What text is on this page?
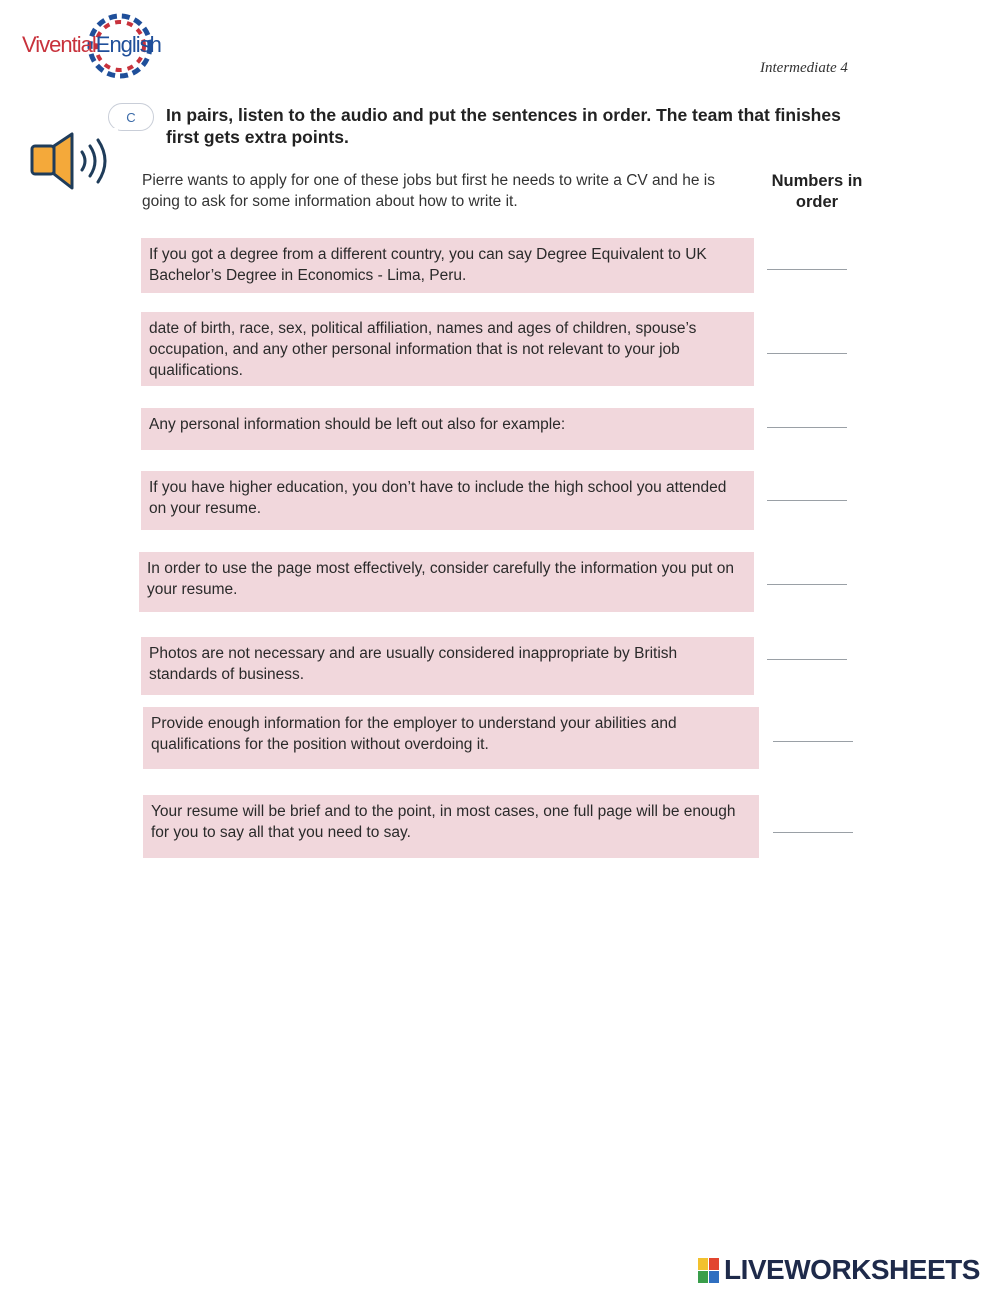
ViventialEnglish
Intermediate 4
C	In pairs, listen to the audio and put the sentences in order. The team that finishes first gets extra points.
Pierre wants to apply for one of these jobs but first he needs to write a CV and he is going to ask for some information about how to write it.
Numbers in order
If you got a degree from a different country, you can say Degree Equivalent to UK Bachelor’s Degree in Economics - Lima, Peru.
date of birth, race, sex, political affiliation, names and ages of children, spouse’s occupation, and any other personal information that is not relevant to your job qualifications.
Any personal information should be left out also for example:
If you have higher education, you don’t have to include the high school you attended on your resume.
In order to use the page most effectively, consider carefully the information you put on your resume.
Photos are not necessary and are usually considered inappropriate by British standards of business.
Provide enough information for the employer to understand your abilities and qualifications for the position without overdoing it.
Your resume will be brief and to the point, in most cases, one full page will be enough for you to say all that you need to say.
LIVEWORKSHEETS
